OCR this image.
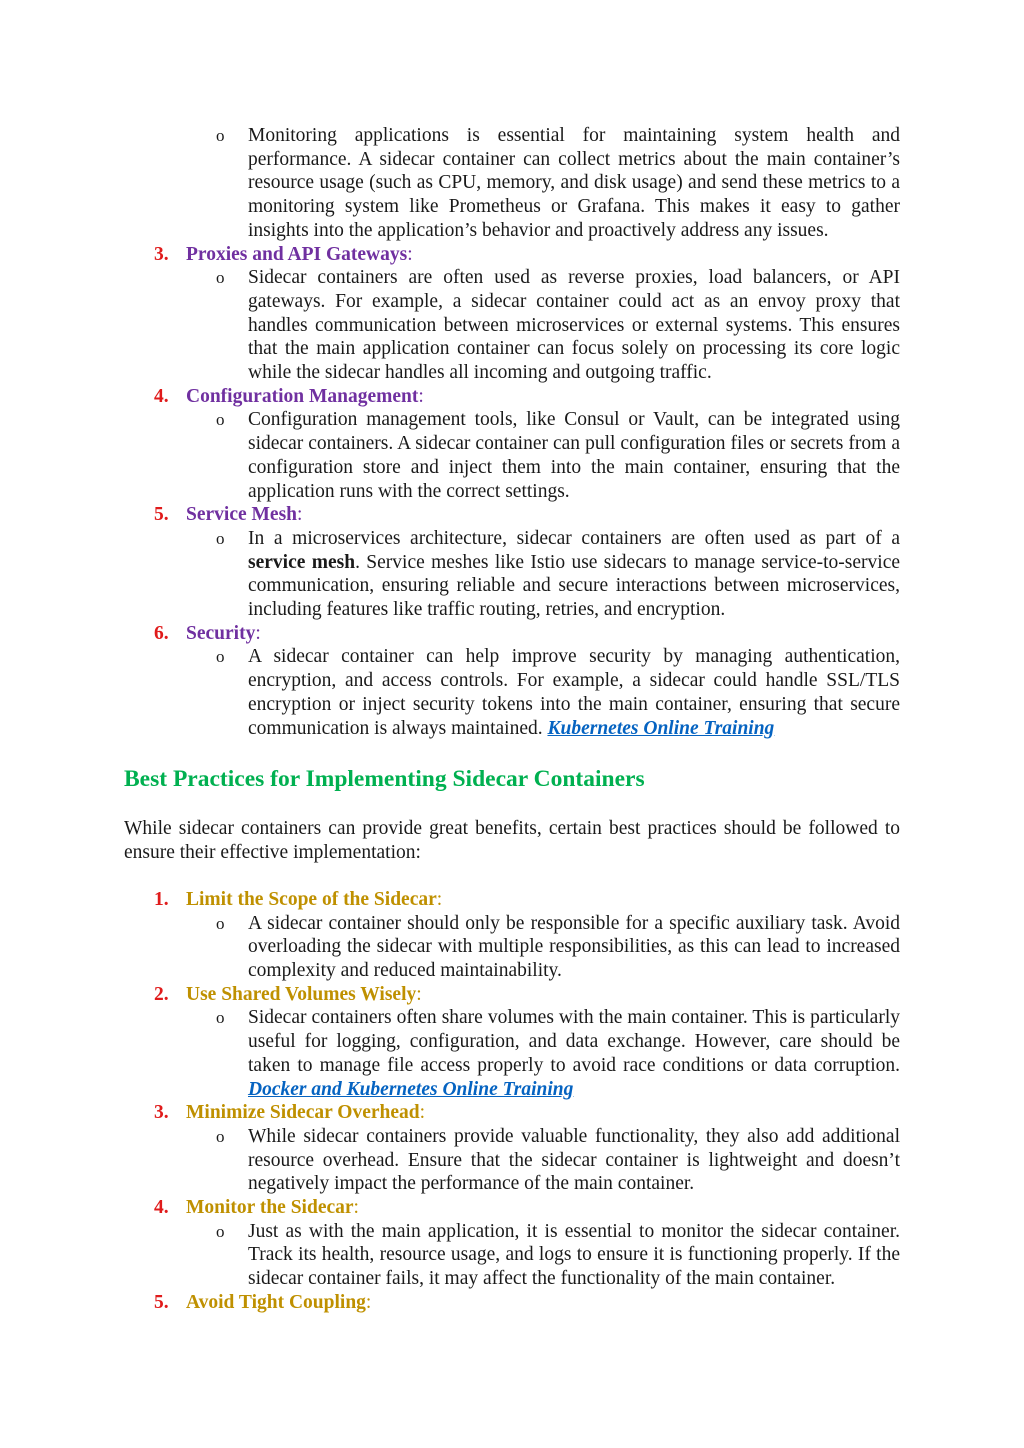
o Monitoring applications is essential for maintaining system health and performance. A sidecar container can collect metrics about the main container’s resource usage (such as CPU, memory, and disk usage) and send these metrics to a monitoring system like Prometheus or Grafana. This makes it easy to gather insights into the application’s behavior and proactively address any issues.

3. Proxies and API Gateways:
o Sidecar containers are often used as reverse proxies, load balancers, or API gateways. For example, a sidecar container could act as an envoy proxy that handles communication between microservices or external systems. This ensures that the main application container can focus solely on processing its core logic while the sidecar handles all incoming and outgoing traffic.

4. Configuration Management:
o Configuration management tools, like Consul or Vault, can be integrated using sidecar containers. A sidecar container can pull configuration files or secrets from a configuration store and inject them into the main container, ensuring that the application runs with the correct settings.

5. Service Mesh:
o In a microservices architecture, sidecar containers are often used as part of a service mesh. Service meshes like Istio use sidecars to manage service-to-service communication, ensuring reliable and secure interactions between microservices, including features like traffic routing, retries, and encryption.

6. Security:
o A sidecar container can help improve security by managing authentication, encryption, and access controls. For example, a sidecar could handle SSL/TLS encryption or inject security tokens into the main container, ensuring that secure communication is always maintained. Kubernetes Online Training

Best Practices for Implementing Sidecar Containers

While sidecar containers can provide great benefits, certain best practices should be followed to ensure their effective implementation:

1. Limit the Scope of the Sidecar:
o A sidecar container should only be responsible for a specific auxiliary task. Avoid overloading the sidecar with multiple responsibilities, as this can lead to increased complexity and reduced maintainability.

2. Use Shared Volumes Wisely:
o Sidecar containers often share volumes with the main container. This is particularly useful for logging, configuration, and data exchange. However, care should be taken to manage file access properly to avoid race conditions or data corruption. Docker and Kubernetes Online Training

3. Minimize Sidecar Overhead:
o While sidecar containers provide valuable functionality, they also add additional resource overhead. Ensure that the sidecar container is lightweight and doesn’t negatively impact the performance of the main container.

4. Monitor the Sidecar:
o Just as with the main application, it is essential to monitor the sidecar container. Track its health, resource usage, and logs to ensure it is functioning properly. If the sidecar container fails, it may affect the functionality of the main container.

5. Avoid Tight Coupling:
